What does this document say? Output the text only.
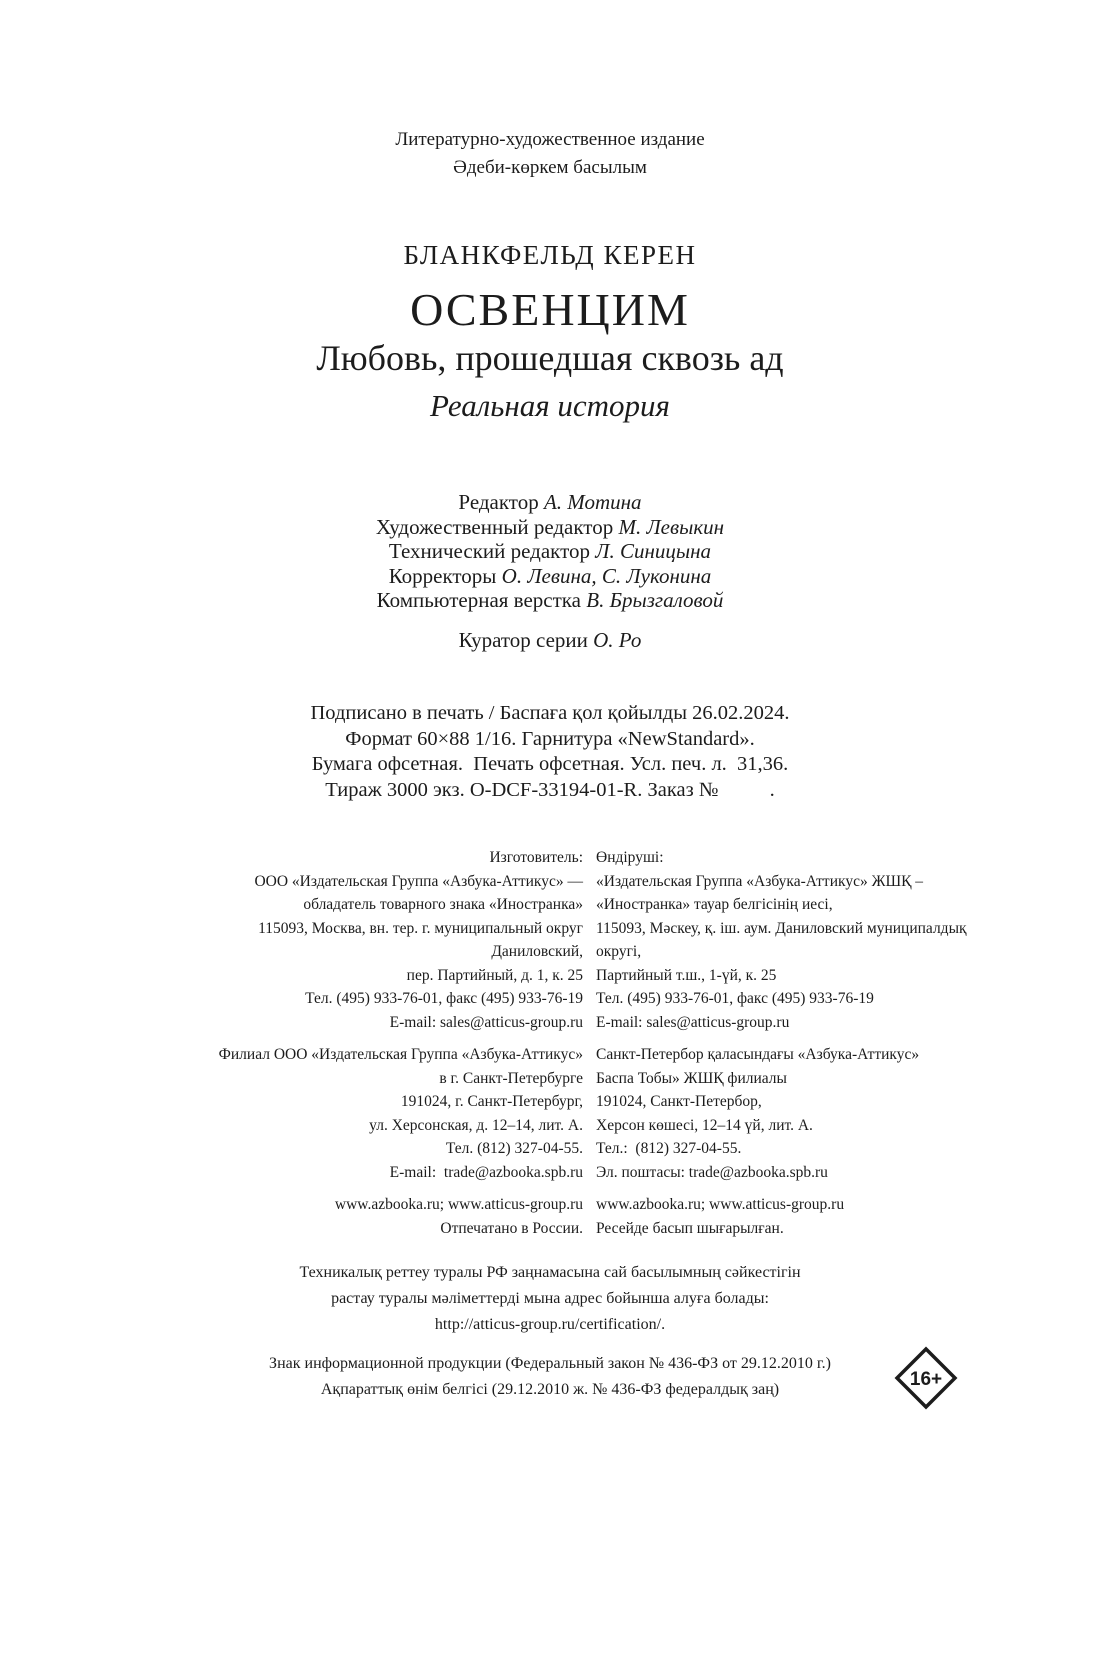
Литературно-художественное издание
Әдеби-көркем басылым
БЛАНКФЕЛЬД КЕРЕН
ОСВЕНЦИМ
Любовь, прошедшая сквозь ад
Реальная история
Редактор А. Мотина
Художественный редактор М. Левыкин
Технический редактор Л. Синицына
Корректоры О. Левина, С. Луконина
Компьютерная верстка В. Брызгаловой
Куратор серии О. Ро
Подписано в печать / Баспаға қол қойылды 26.02.2024.
Формат 60×88 1/16. Гарнитура «NewStandard».
Бумага офсетная.  Печать офсетная. Усл. печ. л.  31,36.
Тираж 3000 экз. О-DCF-33194-01-R. Заказ №          .
Изготовитель:
ООО «Издательская Группа «Азбука-Аттикус» —
обладатель товарного знака «Иностранка»
115093, Москва, вн. тер. г. муниципальный округ
Даниловский,
пер. Партийный, д. 1, к. 25
Тел. (495) 933-76-01, факс (495) 933-76-19
E-mail: sales@atticus-group.ru
Филиал ООО «Издательская Группа «Азбука-Аттикус»
в г. Санкт-Петербурге
191024, г. Санкт-Петербург,
ул. Херсонская, д. 12–14, лит. А.
Тел. (812) 327-04-55.
E-mail:  trade@azbooka.spb.ru
www.azbooka.ru; www.atticus-group.ru
Отпечатано в России.
Өндіруші:
«Издательская Группа «Азбука-Аттикус» ЖШҚ –
«Иностранка» тауар белгісінің иесі,
115093, Мәскеу, қ. іш. аум. Даниловский муниципалдық
округі,
Партийный т.ш., 1-үй, к. 25
Тел. (495) 933-76-01, факс (495) 933-76-19
E-mail: sales@atticus-group.ru
Санкт-Петербор қаласындағы «Азбука-Аттикус»
Баспа Тобы» ЖШҚ филиалы
191024, Санкт-Петербор,
Херсон көшесі, 12–14 үй, лит. А.
Тел.:  (812) 327-04-55.
Эл. поштасы: trade@azbooka.spb.ru
www.azbooka.ru; www.atticus-group.ru
Ресейде басып шығарылған.
Техникалық реттеу туралы РФ заңнамасына сай басылымның сәйкестігін
растау туралы мәліметтерді мына адрес бойынша алуға болады:
http://atticus-group.ru/certification/.
Знак информационной продукции (Федеральный закон № 436-ФЗ от 29.12.2010 г.)
Ақпараттық өнім белгісі (29.12.2010 ж. № 436-ФЗ федералдық заң)	16+
